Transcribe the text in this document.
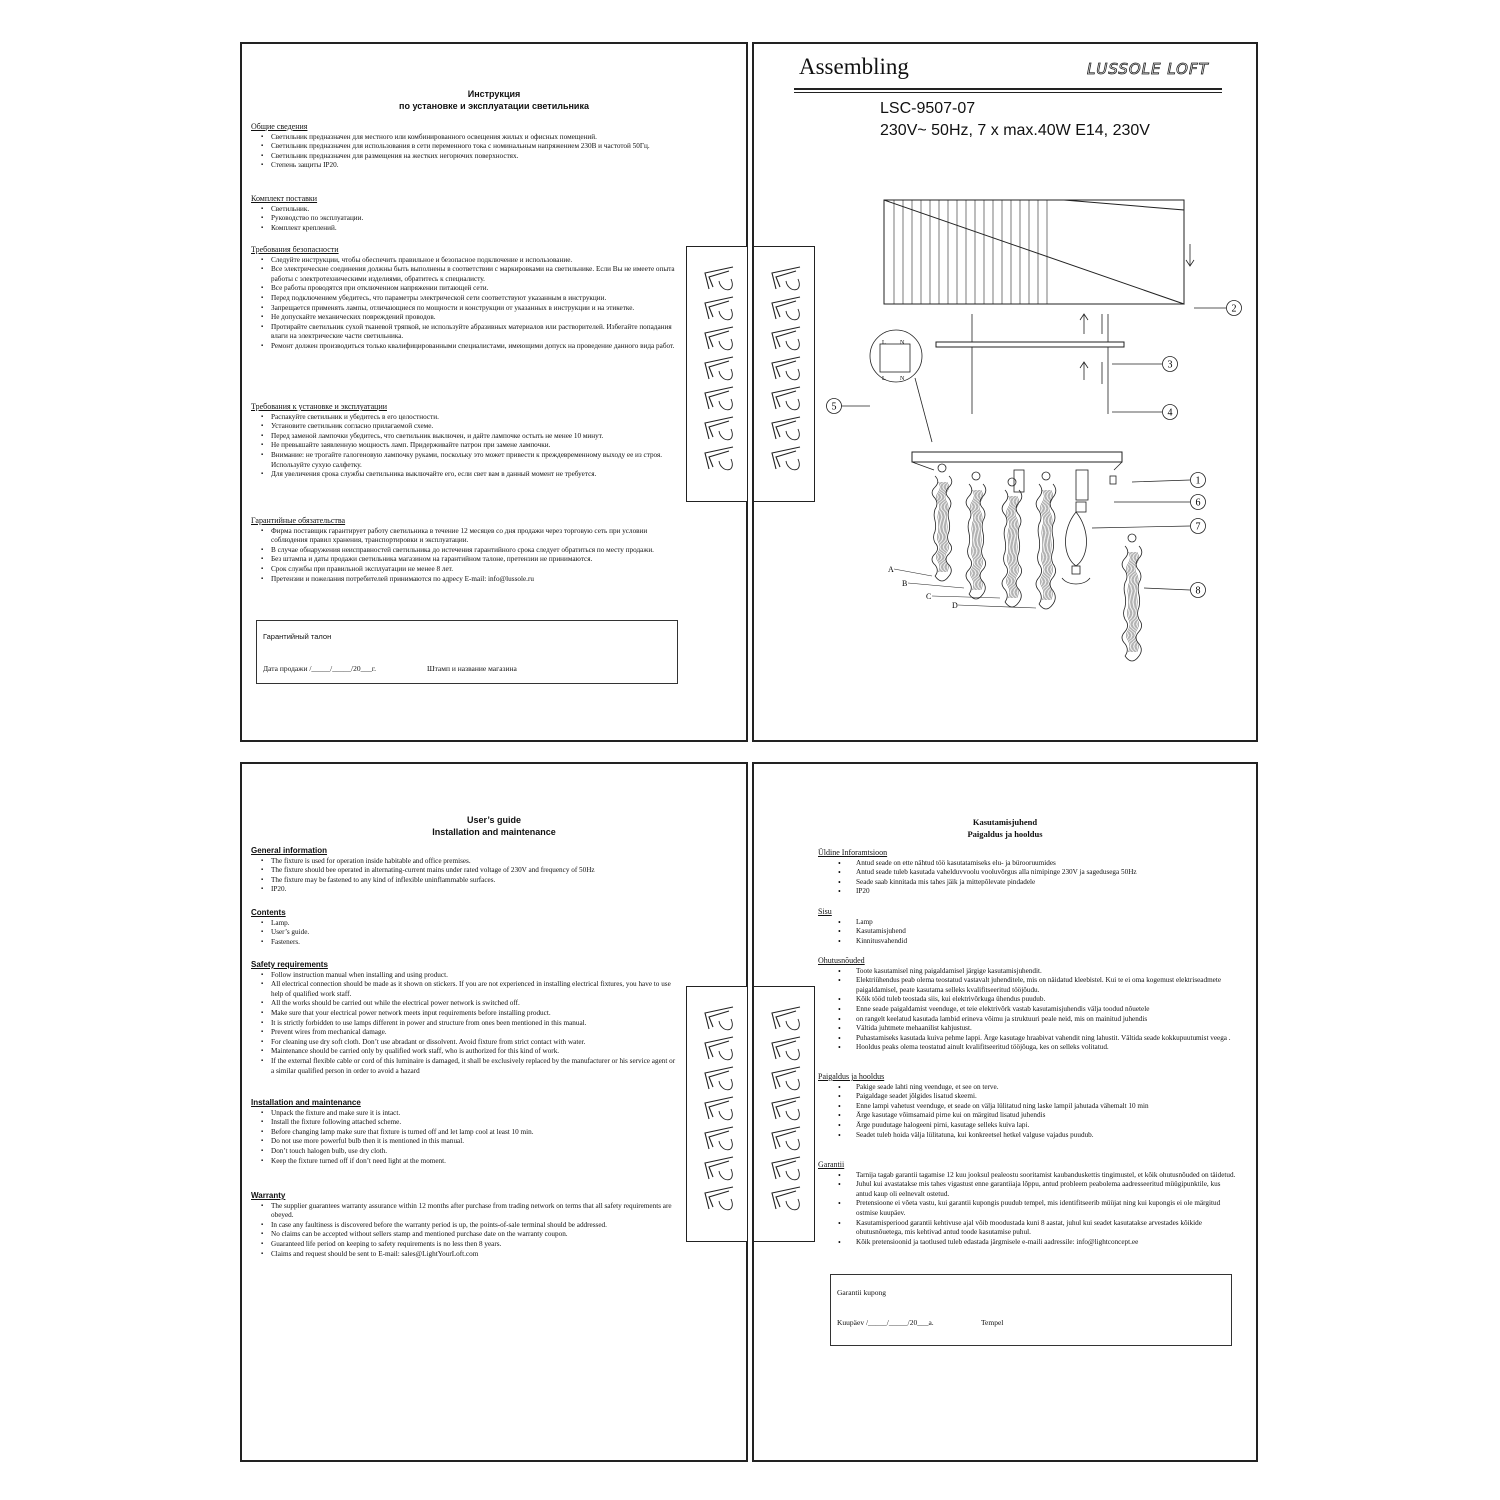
Инструкция
по установке и эксплуатации светильника
Общие сведения
▪ Светильник предназначен для местного или комбинированного освещения жилых и офисных помещений.
▪ Светильник предназначен для использования в сети переменного тока с номинальным напряжением 230В и частотой 50Гц.
▪ Светильник предназначен для размещения на жестких негорючих поверхностях.
▪ Степень защиты IP20.
Комплект поставки
▪ Светильник.
▪ Руководство по эксплуатации.
▪ Комплект креплений.
Требования безопасности
▪ Следуйте инструкции, чтобы обеспечить правильное и безопасное подключение и использование.
▪ Все электрические соединения должны быть выполнены в соответствии с маркировками на светильнике. Если Вы не имеете опыта работы с электротехническими изделиями, обратитесь к специалисту.
▪ Все работы проводятся при отключенном напряжении питающей сети.
▪ Перед подключением убедитесь, что параметры электрической сети соответствуют указанным в инструкции.
▪ Запрещается применять лампы, отличающиеся по мощности и конструкции от указанных в инструкции и на этикетке.
▪ Не допускайте механических повреждений проводов.
▪ Протирайте светильник сухой тканевой тряпкой, не используйте абразивных материалов или растворителей. Избегайте попадания влаги на электрические части светильника.
▪ Ремонт должен производиться только квалифицированными специалистами, имеющими допуск на проведение данного вида работ.
Требования к установке и эксплуатации
▪ Распакуйте светильник и убедитесь в его целостности.
▪ Установите светильник согласно прилагаемой схеме.
▪ Перед заменой лампочки убедитесь, что светильник выключен, и дайте лампочке остыть не менее 10 минут.
▪ Не превышайте заявленную мощность ламп. Придерживайте патрон при замене лампочки.
▪ Внимание: не трогайте галогеновую лампочку руками, поскольку это может привести к преждевременному выходу ее из строя. Используйте сухую салфетку.
▪ Для увеличения срока службы светильника выключайте его, если свет вам в данный момент не требуется.
Гарантийные обязательства
▪ Фирма поставщик гарантирует работу светильника в течение 12 месяцев со дня продажи через торговую сеть при условии соблюдения правил хранения, транспортировки и эксплуатации.
▪ В случае обнаружения неисправностей светильника до истечения гарантийного срока следует обратиться по месту продажи.
▪ Без штампа и даты продажи светильника магазином на гарантийном талоне, претензии не принимаются.
▪ Срок службы при правильной эксплуатации не менее 8 лет.
▪ Претензии и пожелания потребителей принимаются по адресу E-mail: info@lussole.ru
Гарантийный талон
Дата продажи /_____/_____/20___г.	Штамп и название магазина
Assembling	LUSSOLE LOFT
LSC-9507-07
230V~ 50Hz, 7 x max.40W E14, 230V
L N
L N
1
2
3
4
5
6
7
8
A
B
C
D
User’s guide
Installation and maintenance
General information
▪ The fixture is used for operation inside habitable and office premises.
▪ The fixture should bee operated in alternating-current mains under rated voltage of 230V and frequency of 50Hz
▪ The fixture may be fastened to any kind of inflexible uninflammable surfaces.
▪ IP20.
Contents
▪ Lamp.
▪ User’s guide.
▪ Fasteners.
Safety requirements
▪ Follow instruction manual when installing and using product.
▪ All electrical connection should be made as it shown on stickers. If you are not experienced in installing electrical fixtures, you have to use help of qualified work staff.
▪ All the works should be carried out while the electrical power network is switched off.
▪ Make sure that your electrical power network meets input requirements before installing product.
▪ It is strictly forbidden to use lamps different in power and structure from ones been mentioned in this manual.
▪ Prevent wires from mechanical damage.
▪ For cleaning use dry soft cloth. Don’t use abradant or dissolvent. Avoid fixture from strict contact with water.
▪ Maintenance should be carried only by qualified work staff, who is authorized for this kind of work.
▪ If the external flexible cable or cord of this luminaire is damaged, it shall be exclusively replaced by the manufacturer or his service agent or a similar qualified person in order to avoid a hazard
Installation and maintenance
▪ Unpack the fixture and make sure it is intact.
▪ Install the fixture following attached scheme.
▪ Before changing lamp make sure that fixture is turned off and let lamp cool at least 10 min.
▪ Do not use more powerful bulb then it is mentioned in this manual.
▪ Don’t touch halogen bulb, use dry cloth.
▪ Keep the fixture turned off if don’t need light at the moment.
Warranty
▪ The supplier guarantees warranty assurance within 12 months after purchase from trading network on terms that all safety requirements are obeyed.
▪ In case any faultiness is discovered before the warranty period is up, the points-of-sale terminal should be addressed.
▪ No claims can be accepted without sellers stamp and mentioned purchase date on the warranty coupon.
▪ Guaranteed life period on keeping to safety requirements is no less then 8 years.
▪ Claims and request should be sent to E-mail: sales@LightYourLoft.com
Kasutamisjuhend
Paigaldus ja hooldus
Üldine Inforamtsioon
• Antud seade on ette nähtud töö kasutatamiseks elu- ja bürooruumides
• Antud seade tuleb kasutada vahelduvvoolu vooluvõrgus alla nimipinge 230V ja sagedusega 50Hz
• Seade saab kinnitada mis tahes jäik ja mittepõlevate pindadele
• IP20
Sisu
• Lamp
• Kasutamisjuhend
• Kinnitusvahendid
Ohutusnõuded
• Toote kasutamisel ning paigaldamisel järgige kasutamisjuhendit.
• Elektriühendus peab olema teostatud vastavalt juhenditele, mis on näidatud kleebistel. Kui te ei oma kogemust elektriseadmete paigaldamisel, peate kasutama selleks kvalifitseeritud tööjõudu.
• Kõik tööd tuleb teostada siis, kui elektrivõrkuga ühendus puudub.
• Enne seade paigaldamist veenduge, et teie elektrivõrk vastab kasutamisjuhendis välja toodud nõuetele
• on rangelt keelatud kasutada lambid erineva võimu ja struktuuri peale neid, mis on mainitud juhendis
• Vältida juhtmete mehaanilist kahjustust.
• Puhastamiseks kasutada kuiva pehme lappi. Ärge kasutage hraabivat vahendit ning lahustit. Vältida seade kokkupuutumist veega .
• Hooldus peaks olema teostatud ainult kvalifitseeritud tööjõuga, kes on selleks volitatud.
Paigaldus ja hooldus
• Pakige seade lahti ning veenduge, et see on terve.
• Paigaldage seadet jõlgides lisatud skeemi.
• Enne lampi vahetust veenduge, et seade on välja lülitatud ning laske lampil jahutada vähemalt 10 min
• Ärge kasutage võimsamaid pirne kui on märgitud lisatud juhendis
• Ärge puudutage halogeeni pirni, kasutage selleks kuiva lapi.
• Seadet tuleb hoida välja lülitatuna, kui konkreetsel hetkel valguse vajadus puudub.
Garantii
• Tarnija tagab garantii tagamise 12 kuu jooksul pealeostu sooritamist kaubanduskettis tingimustel, et kõik ohutusnõuded on täidetud.
• Juhul kui avastatakse mis tahes vigastust enne garantiiaja lõppu, antud probleem peabolema aadresseeritud müügipunktile, kus antud kaup oli eelnevalt ostetud.
• Pretensioone ei võeta vastu, kui garantii kupongis puudub tempel, mis identifitseerib müüjat ning kui kupongis ei ole märgitud ostmise kuupäev.
• Kasutamisperiood garantii kehtivuse ajal võib moodustada kuni 8 aastat, juhul kui seadet kasutatakse arvestades kõikide ohutusnõuetega, mis kehtivad antud toode kasutamise puhul.
• Kõik pretensioonid ja taotlused tuleb edastada järgmisele e-maili aadressile: info@lightconcept.ee
Garantii kupong
Kuupäev /_____/_____/20___a.	Tempel
